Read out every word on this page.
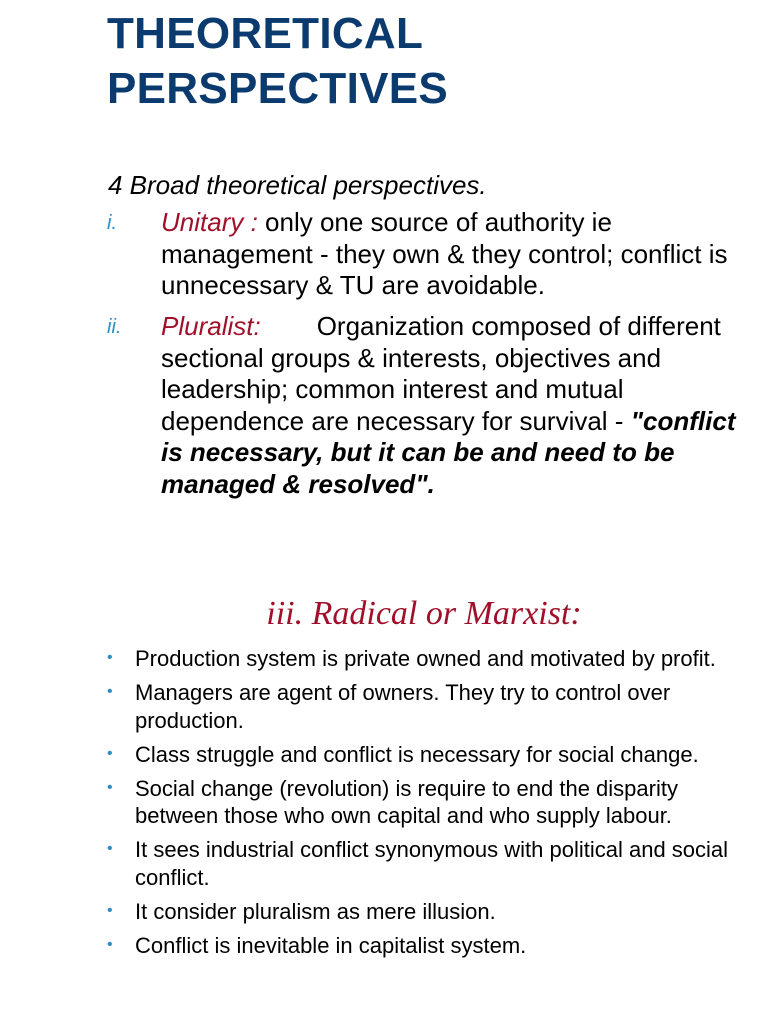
THEORETICAL
PERSPECTIVES
4 Broad theoretical perspectives.
i. Unitary : only one source of authority ie management - they own & they control; conflict is unnecessary & TU are avoidable.
ii. Pluralist: Organization composed of different sectional groups & interests, objectives and leadership; common interest and mutual dependence are necessary for survival - "conflict is necessary, but it can be and need to be managed & resolved".
iii. Radical or Marxist:
• Production system is private owned and motivated by profit.
• Managers are agent of owners. They try to control over production.
• Class struggle and conflict is necessary for social change.
• Social change (revolution) is require to end the disparity between those who own capital and who supply labour.
• It sees industrial conflict synonymous with political and social conflict.
• It consider pluralism as mere illusion.
• Conflict is inevitable in capitalist system.
